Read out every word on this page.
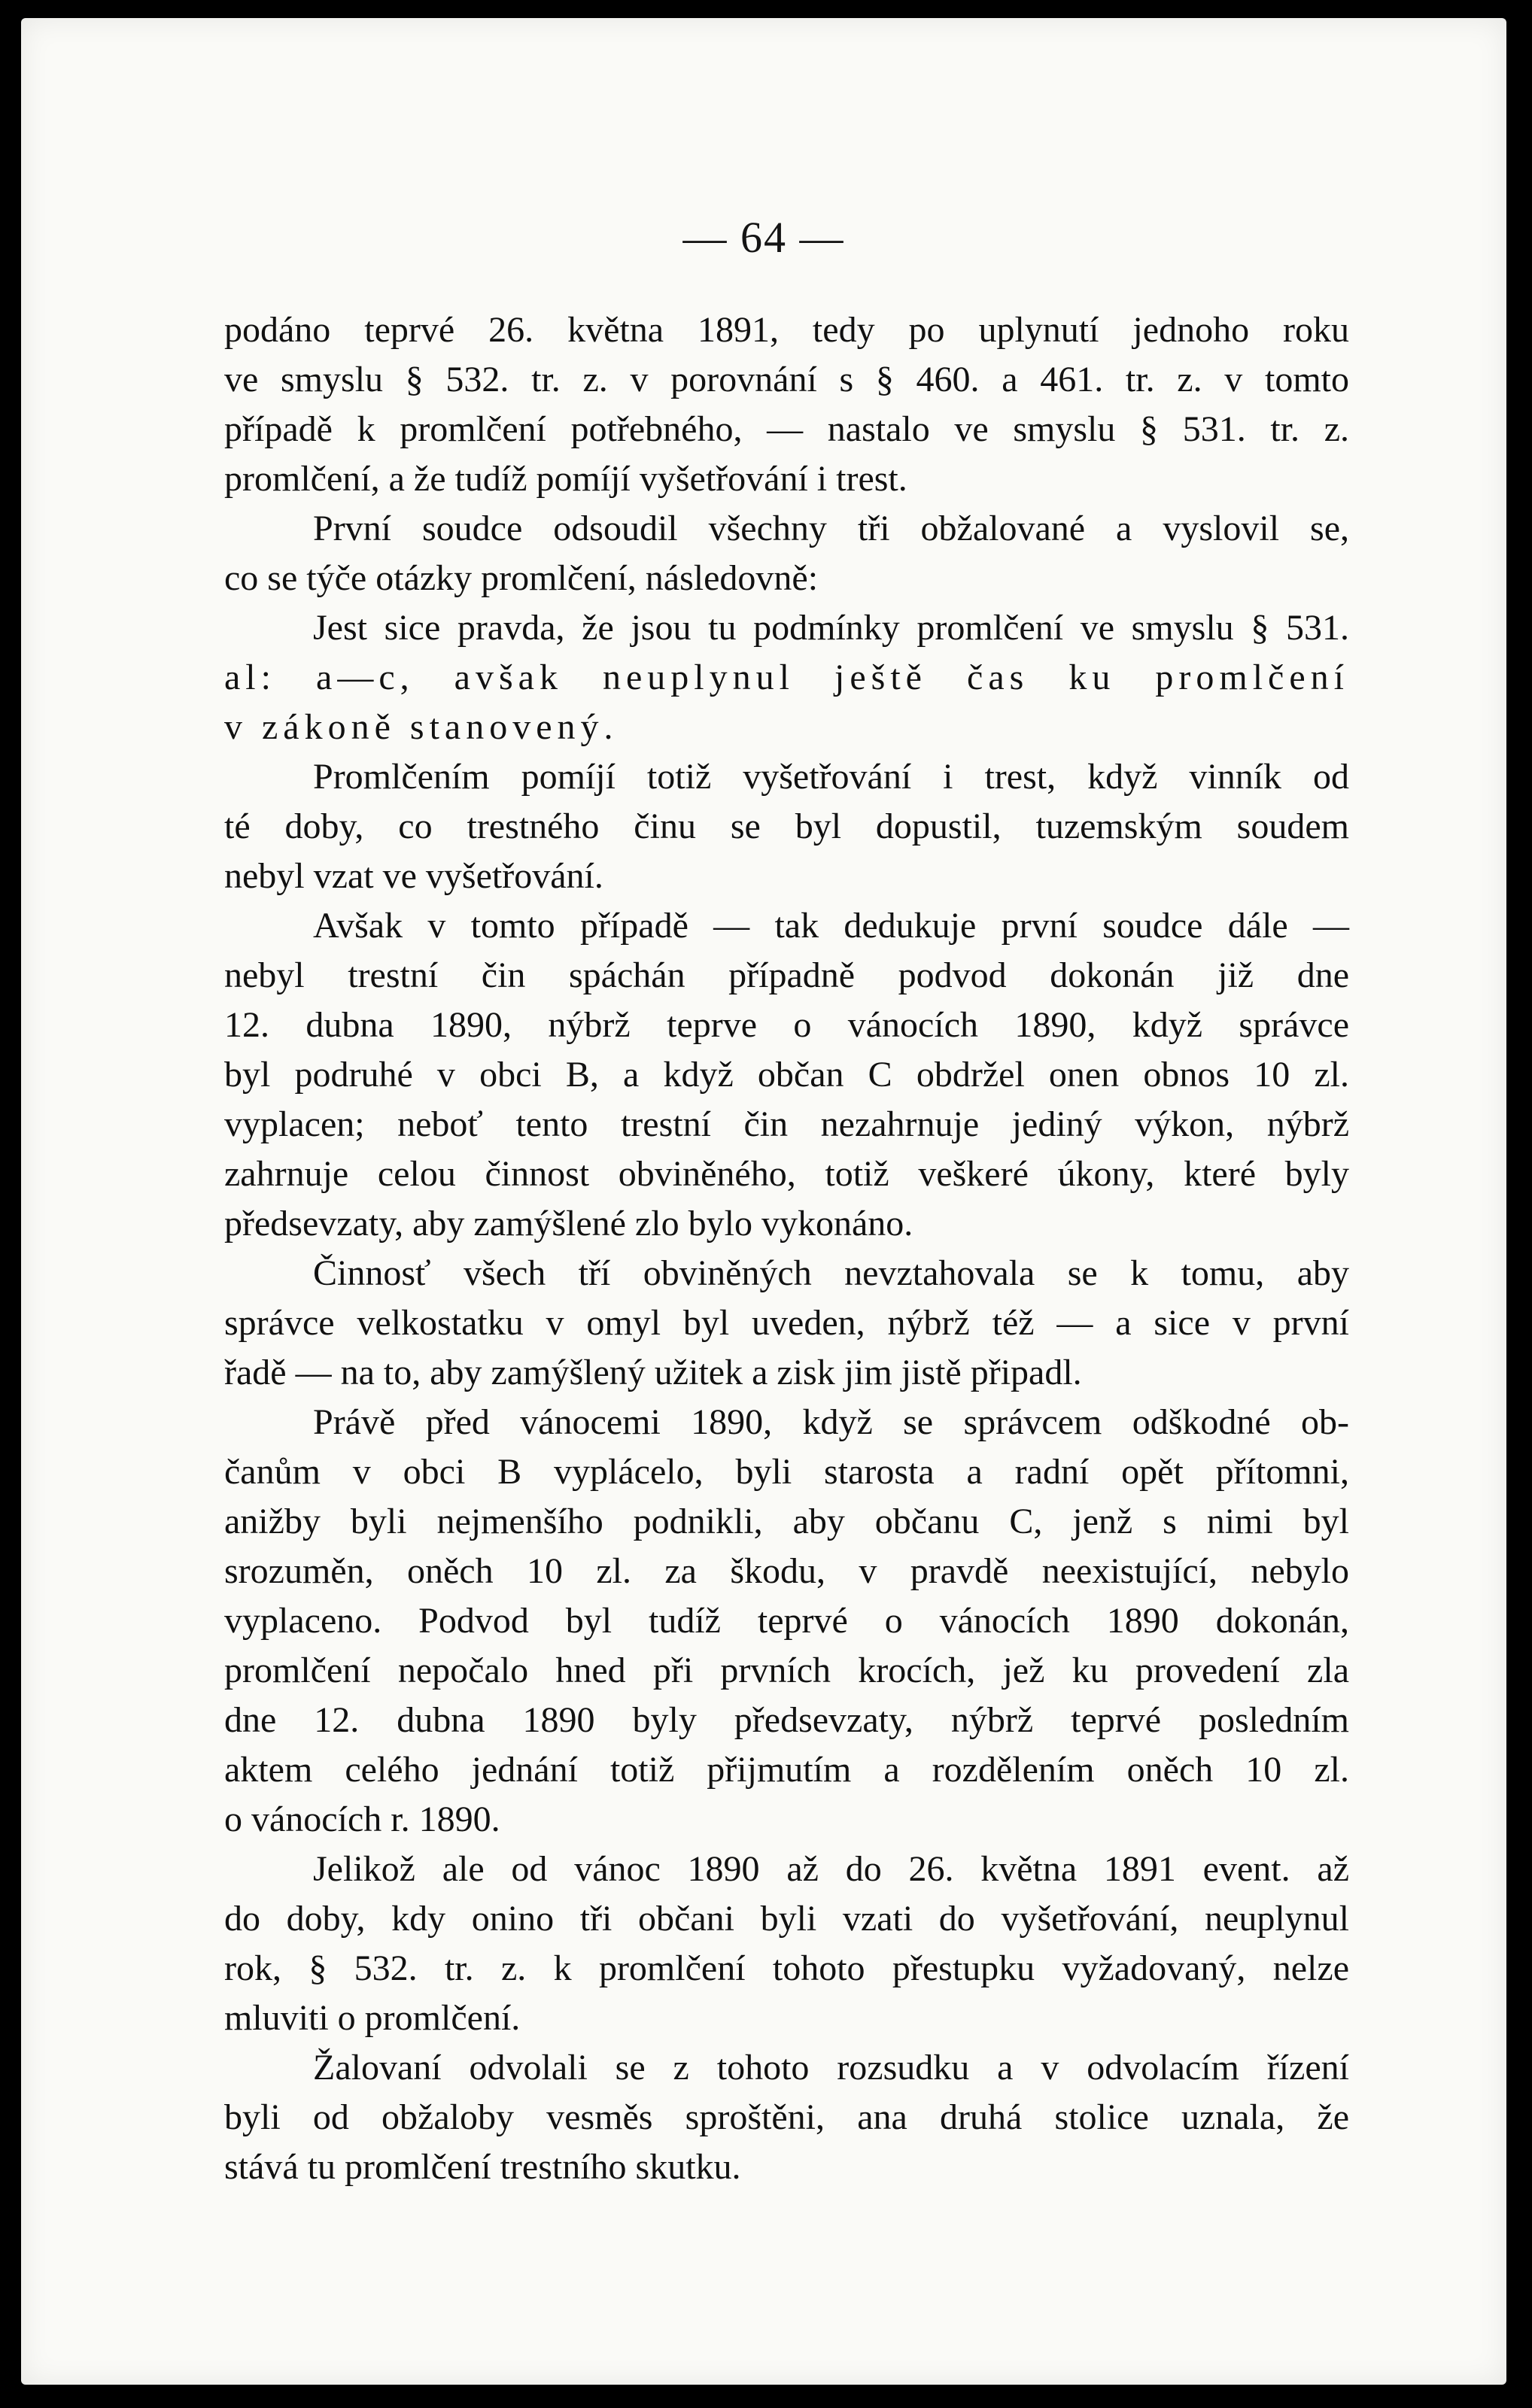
— 64 —
podáno teprvé 26. května 1891, tedy po uplynutí jednoho roku
ve smyslu § 532. tr. z. v porovnání s § 460. a 461. tr. z. v tomto
případě k promlčení potřebného, — nastalo ve smyslu § 531. tr. z.
promlčení, a že tudíž pomíjí vyšetřování i trest.
První soudce odsoudil všechny tři obžalované a vyslovil se,
co se týče otázky promlčení, následovně:
Jest sice pravda, že jsou tu podmínky promlčení ve smyslu § 531.
al: a—c, avšak neuplynul ještě čas ku promlčení
v zákoně stanovený.
Promlčením pomíjí totiž vyšetřování i trest, když vinník od
té doby, co trestného činu se byl dopustil, tuzemským soudem
nebyl vzat ve vyšetřování.
Avšak v tomto případě — tak dedukuje první soudce dále —
nebyl trestní čin spáchán případně podvod dokonán již dne
12. dubna 1890, nýbrž teprve o vánocích 1890, když správce
byl podruhé v obci B, a když občan C obdržel onen obnos 10 zl.
vyplacen; neboť tento trestní čin nezahrnuje jediný výkon, nýbrž
zahrnuje celou činnost obviněného, totiž veškeré úkony, které byly
předsevzaty, aby zamýšlené zlo bylo vykonáno.
Činnosť všech tří obviněných nevztahovala se k tomu, aby
správce velkostatku v omyl byl uveden, nýbrž též — a sice v první
řadě — na to, aby zamýšlený užitek a zisk jim jistě připadl.
Právě před vánocemi 1890, když se správcem odškodné ob-
čanům v obci B vyplácelo, byli starosta a radní opět přítomni,
anižby byli nejmenšího podnikli, aby občanu C, jenž s nimi byl
srozuměn, oněch 10 zl. za škodu, v pravdě neexistující, nebylo
vyplaceno. Podvod byl tudíž teprvé o vánocích 1890 dokonán,
promlčení nepočalo hned při prvních krocích, jež ku provedení zla
dne 12. dubna 1890 byly předsevzaty, nýbrž teprvé posledním
aktem celého jednání totiž přijmutím a rozdělením oněch 10 zl.
o vánocích r. 1890.
Jelikož ale od vánoc 1890 až do 26. května 1891 event. až
do doby, kdy onino tři občani byli vzati do vyšetřování, neuplynul
rok, § 532. tr. z. k promlčení tohoto přestupku vyžadovaný, nelze
mluviti o promlčení.
Žalovaní odvolali se z tohoto rozsudku a v odvolacím řízení
byli od obžaloby vesměs sproštěni, ana druhá stolice uznala, že
stává tu promlčení trestního skutku.
